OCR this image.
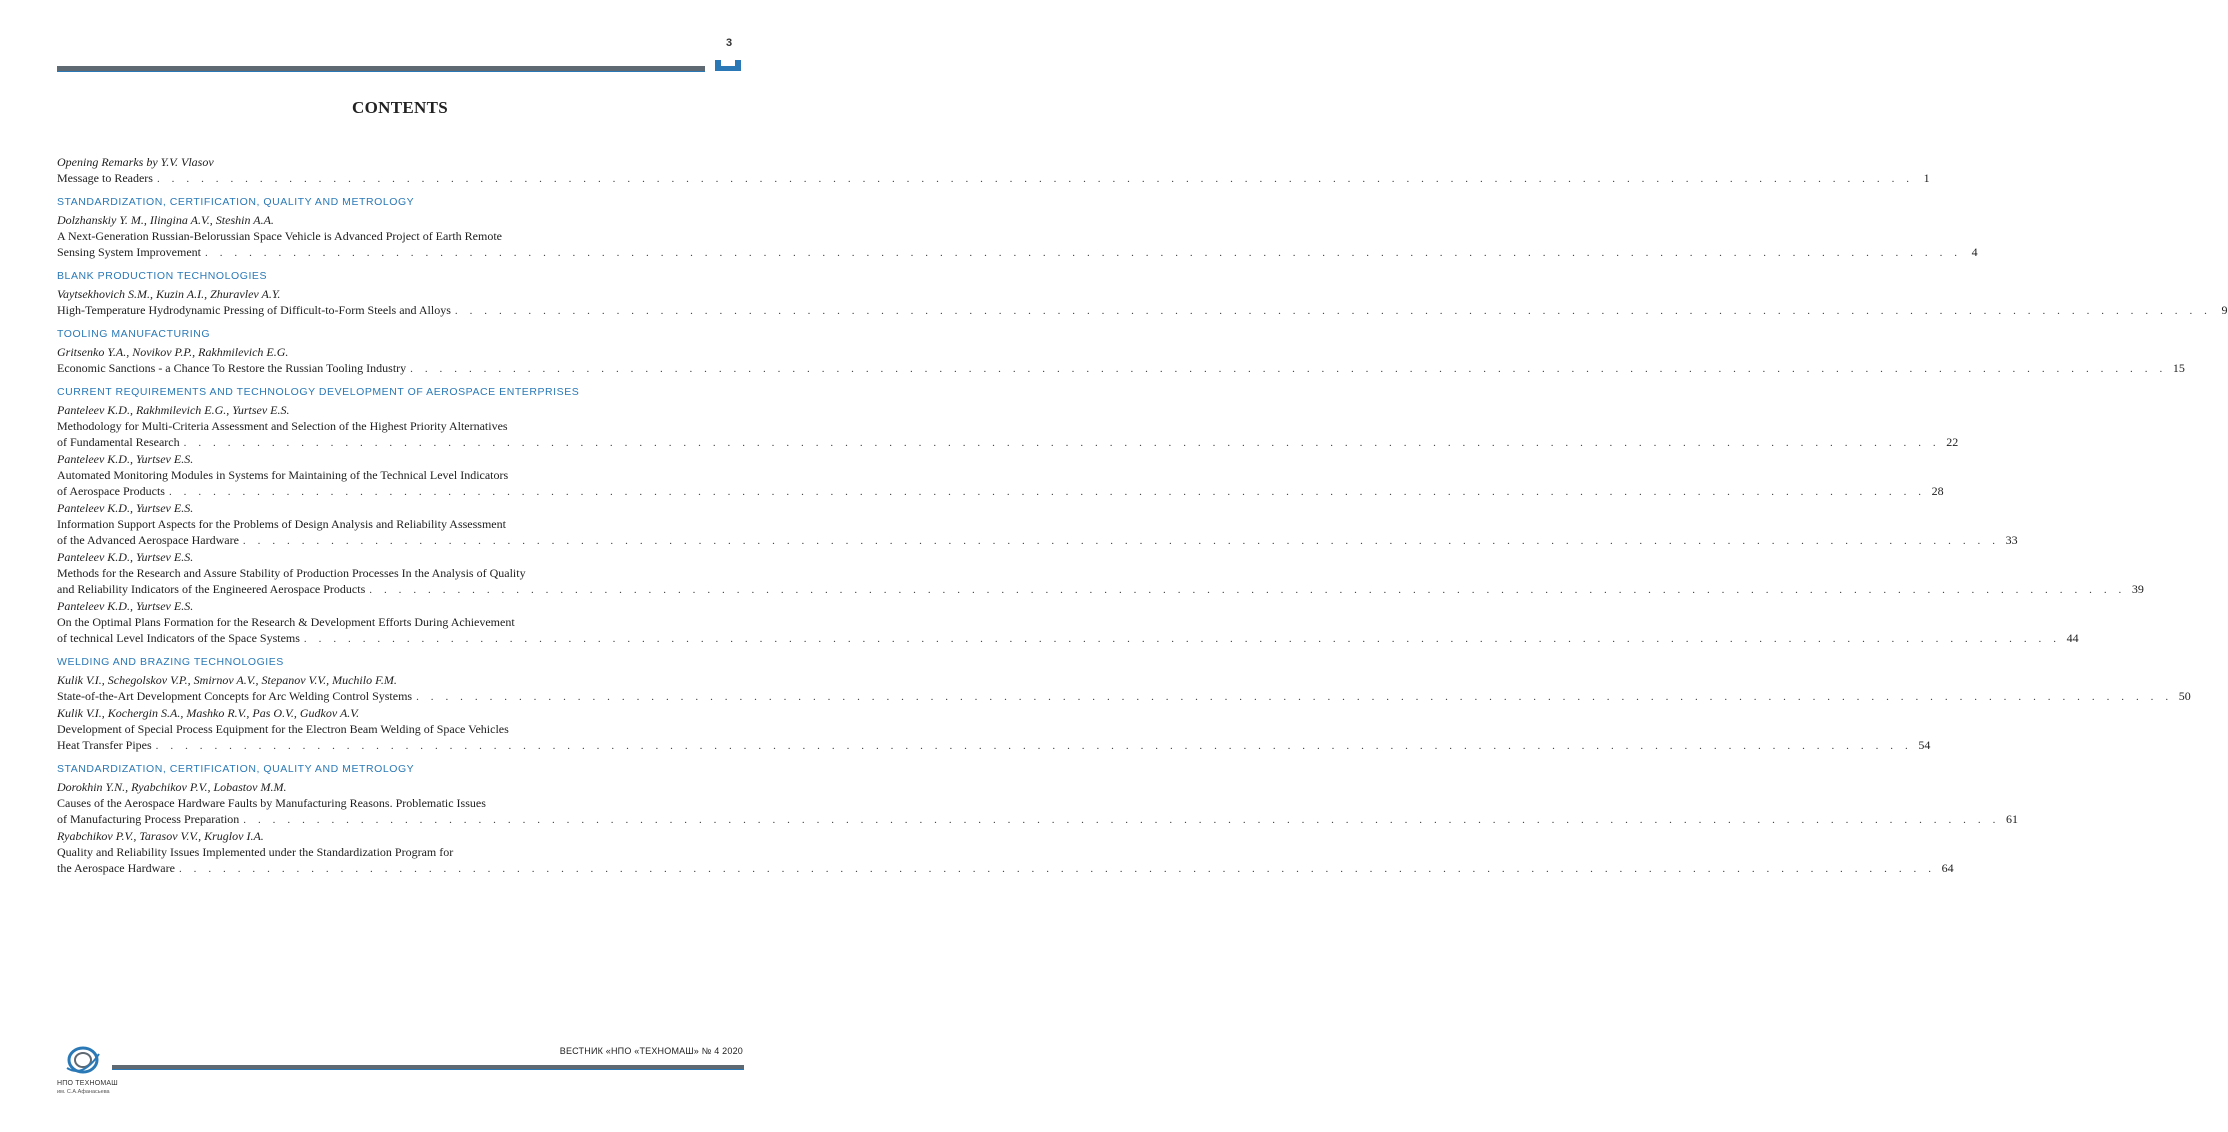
3
CONTENTS
Opening Remarks by Y.V. Vlasov
Message to Readers . . . . . . . . . . . . . . . . . . . . . . . . . . . . . . . . . . . . . . . . . . . . . . . . . . . . . . . . . . . . . . . . . . . . . . . . . . . . . . . . . . . . . . . . . . . . . . . . . . . . . . . . . . . . . . . . . . . . . . . . 1
STANDARDIZATION, CERTIFICATION, QUALITY AND METROLOGY
Dolzhanskiy Y. M., Ilingina A.V., Steshin A.A.
A Next-Generation Russian-Belorussian Space Vehicle is Advanced Project of Earth Remote
Sensing System Improvement . . . . . . . . . . . . . . . . . . . . . . . . . . . . . . . . . . . . . . . . . . . . . . . . . . . . . . . . . . . . . . . . . . . . . . . . . . . . . . . . . . . . . . . . . . . . . . . . . . . . . . . . . . . . . . . . . . . . . . . . 4
BLANK PRODUCTION TECHNOLOGIES
Vaytsekhovich S.M., Kuzin A.I., Zhuravlev A.Y.
High-Temperature Hydrodynamic Pressing of Difficult-to-Form Steels and Alloys . . . . . . . . . . . . . . . . . . . . . . . . . . . . . . . . . . . . . . . . . . . . . . . . . . . . . . . . . . . . . . . . . . . . . . . . . . . . . . . . . . . . . . . . . . . . . . . . . . . . . . . . . . . . . . . . . . . . . . . . 9
TOOLING MANUFACTURING
Gritsenko Y.A., Novikov P.P., Rakhmilevich E.G.
Economic Sanctions - a Chance To Restore the Russian Tooling Industry . . . . . . . . . . . . . . . . . . . . . . . . . . . . . . . . . . . . . . . . . . . . . . . . . . . . . . . . . . . . . . . . . . . . . . . . . . . . . . . . . . . . . . . . . . . . . . . . . . . . . . . . . . . . . . . . . . . . . . . . 15
CURRENT REQUIREMENTS AND TECHNOLOGY DEVELOPMENT OF AEROSPACE ENTERPRISES
Panteleev K.D., Rakhmilevich E.G., Yurtsev E.S.
Methodology for Multi-Criteria Assessment and Selection of the Highest Priority Alternatives
of Fundamental Research . . . . . . . . . . . . . . . . . . . . . . . . . . . . . . . . . . . . . . . . . . . . . . . . . . . . . . . . . . . . . . . . . . . . . . . . . . . . . . . . . . . . . . . . . . . . . . . . . . . . . . . . . . . . . . . . . . . . . . . . 22
Panteleev K.D., Yurtsev E.S.
Automated Monitoring Modules in Systems for Maintaining of the Technical Level Indicators
of Aerospace Products . . . . . . . . . . . . . . . . . . . . . . . . . . . . . . . . . . . . . . . . . . . . . . . . . . . . . . . . . . . . . . . . . . . . . . . . . . . . . . . . . . . . . . . . . . . . . . . . . . . . . . . . . . . . . . . . . . . . . . . . 28
Panteleev K.D., Yurtsev E.S.
Information Support Aspects for the Problems of Design Analysis and Reliability Assessment
of the Advanced Aerospace Hardware . . . . . . . . . . . . . . . . . . . . . . . . . . . . . . . . . . . . . . . . . . . . . . . . . . . . . . . . . . . . . . . . . . . . . . . . . . . . . . . . . . . . . . . . . . . . . . . . . . . . . . . . . . . . . . . . . . . . . . . . 33
Panteleev K.D., Yurtsev E.S.
Methods for the Research and Assure Stability of Production Processes In the Analysis of Quality
and Reliability Indicators of the Engineered Aerospace Products . . . . . . . . . . . . . . . . . . . . . . . . . . . . . . . . . . . . . . . . . . . . . . . . . . . . . . . . . . . . . . . . . . . . . . . . . . . . . . . . . . . . . . . . . . . . . . . . . . . . . . . . . . . . . . . . . . . . . . . . 39
Panteleev K.D., Yurtsev E.S.
On the Optimal Plans Formation for the Research & Development Efforts During Achievement
of technical Level Indicators of the Space Systems . . . . . . . . . . . . . . . . . . . . . . . . . . . . . . . . . . . . . . . . . . . . . . . . . . . . . . . . . . . . . . . . . . . . . . . . . . . . . . . . . . . . . . . . . . . . . . . . . . . . . . . . . . . . . . . . . . . . . . . . 44
WELDING AND BRAZING TECHNOLOGIES
Kulik V.I., Schegolskov V.P., Smirnov A.V., Stepanov V.V., Muchilo F.M.
State-of-the-Art Development Concepts for Arc Welding Control Systems . . . . . . . . . . . . . . . . . . . . . . . . . . . . . . . . . . . . . . . . . . . . . . . . . . . . . . . . . . . . . . . . . . . . . . . . . . . . . . . . . . . . . . . . . . . . . . . . . . . . . . . . . . . . . . . . . . . . . . . . 50
Kulik V.I., Kochergin S.A., Mashko R.V., Pas O.V., Gudkov A.V.
Development of Special Process Equipment for the Electron Beam Welding of Space Vehicles
Heat Transfer Pipes . . . . . . . . . . . . . . . . . . . . . . . . . . . . . . . . . . . . . . . . . . . . . . . . . . . . . . . . . . . . . . . . . . . . . . . . . . . . . . . . . . . . . . . . . . . . . . . . . . . . . . . . . . . . . . . . . . . . . . . . 54
STANDARDIZATION, CERTIFICATION, QUALITY AND METROLOGY
Dorokhin Y.N., Ryabchikov P.V., Lobastov M.M.
Causes of the Aerospace Hardware Faults by Manufacturing Reasons. Problematic Issues
of Manufacturing Process Preparation . . . . . . . . . . . . . . . . . . . . . . . . . . . . . . . . . . . . . . . . . . . . . . . . . . . . . . . . . . . . . . . . . . . . . . . . . . . . . . . . . . . . . . . . . . . . . . . . . . . . . . . . . . . . . . . . . . . . . . . . 61
Ryabchikov P.V., Tarasov V.V., Kruglov I.A.
Quality and Reliability Issues Implemented under the Standardization Program for
the Aerospace Hardware . . . . . . . . . . . . . . . . . . . . . . . . . . . . . . . . . . . . . . . . . . . . . . . . . . . . . . . . . . . . . . . . . . . . . . . . . . . . . . . . . . . . . . . . . . . . . . . . . . . . . . . . . . . . . . . . . . . . . . . . 64
ВЕСТНИК «НПО «ТЕХНОМАШ» № 4 2020
НПО ТЕХНОМАШ
им. С.А.Афанасьева
